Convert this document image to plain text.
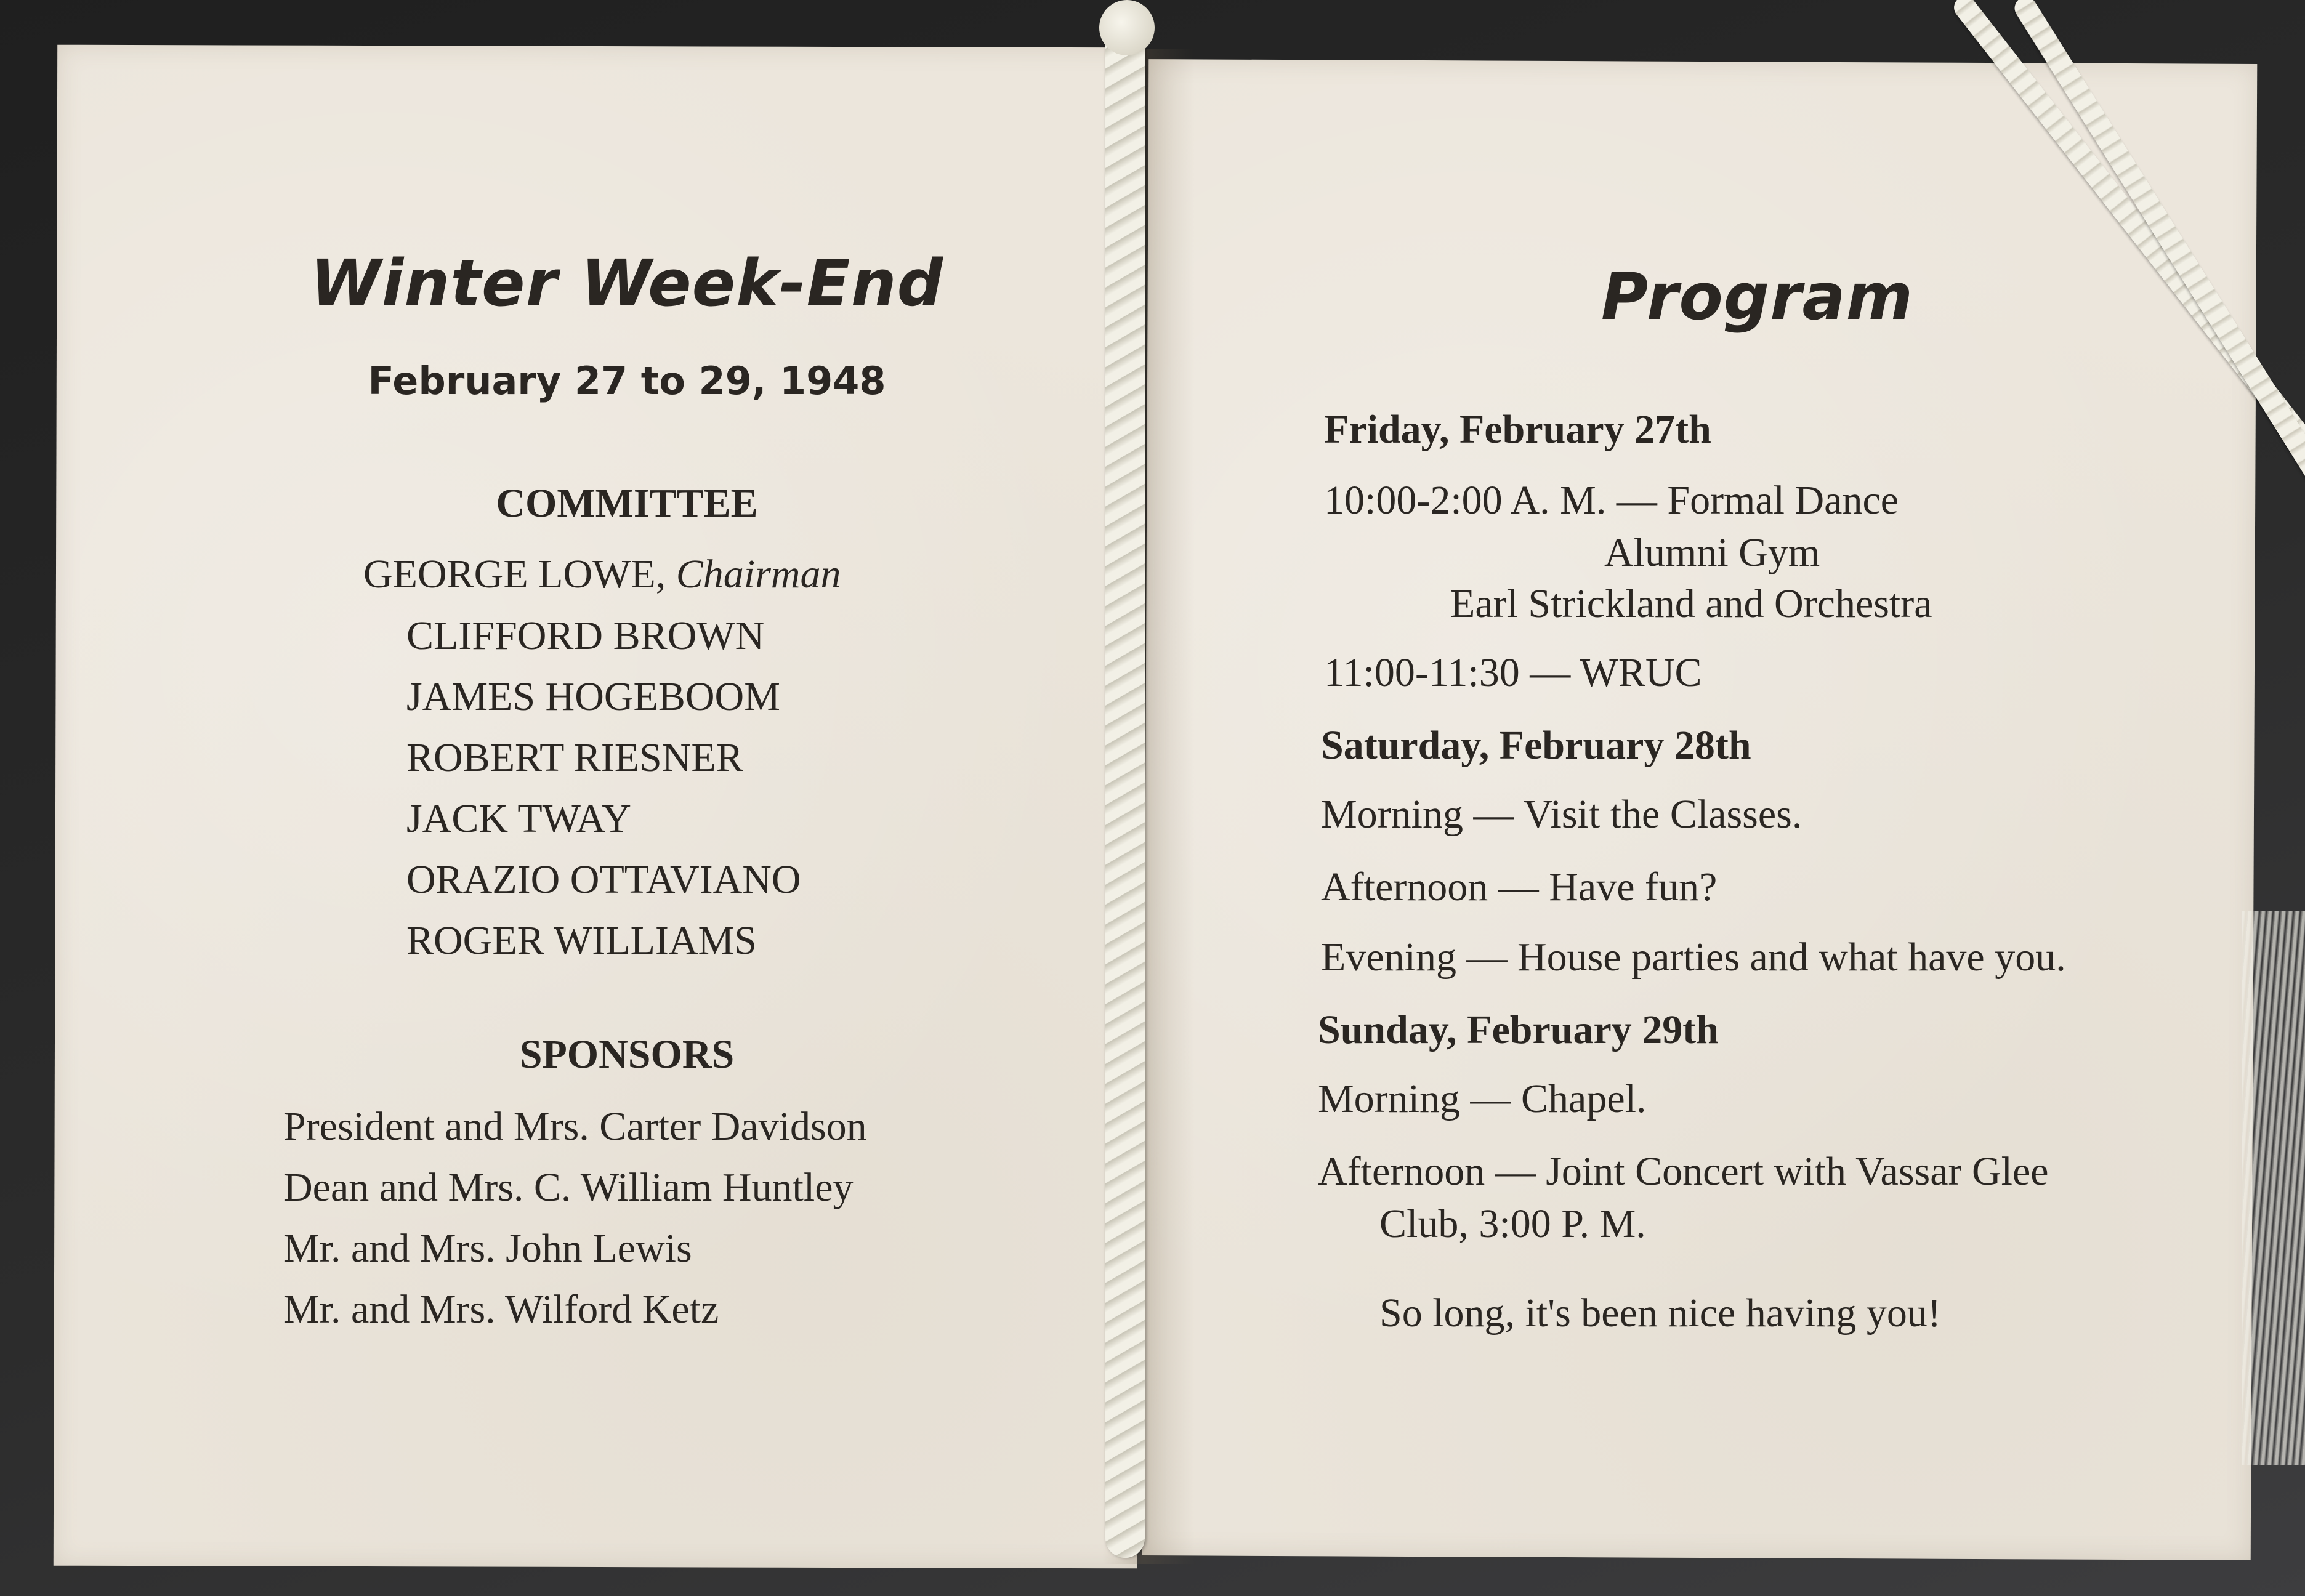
Winter Week-End
February 27 to 29, 1948
COMMITTEE
GEORGE LOWE, Chairman
CLIFFORD BROWN
JAMES HOGEBOOM
ROBERT RIESNER
JACK TWAY
ORAZIO OTTAVIANO
ROGER WILLIAMS
SPONSORS
President and Mrs. Carter Davidson
Dean and Mrs. C. William Huntley
Mr. and Mrs. John Lewis
Mr. and Mrs. Wilford Ketz
Program
Friday, February 27th
10:00-2:00 A. M. — Formal Dance
Alumni Gym
Earl Strickland and Orchestra
11:00-11:30 — WRUC
Saturday, February 28th
Morning — Visit the Classes.
Afternoon — Have fun?
Evening — House parties and what have you.
Sunday, February 29th
Morning — Chapel.
Afternoon — Joint Concert with Vassar Glee
Club, 3:00 P. M.
So long, it's been nice having you!
